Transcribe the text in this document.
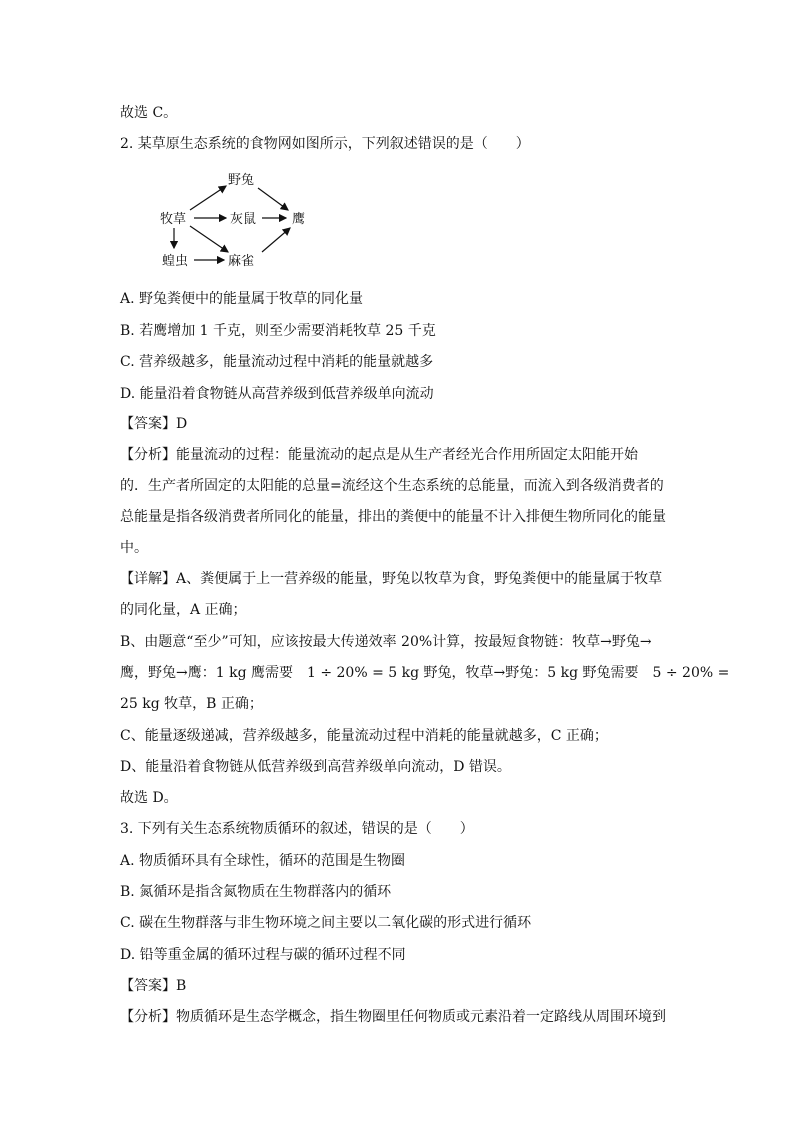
故选 C。
2. 某草原生态系统的食物网如图所示，下列叙述错误的是（　　）
野兔
牧草	灰鼠	鹰
蝗虫	麻雀
A. 野兔粪便中的能量属于牧草的同化量
B. 若鹰增加 1 千克，则至少需要消耗牧草 25 千克
C. 营养级越多，能量流动过程中消耗的能量就越多
D. 能量沿着食物链从高营养级到低营养级单向流动
【答案】D
【分析】能量流动的过程：能量流动的起点是从生产者经光合作用所固定太阳能开始
的．生产者所固定的太阳能的总量=流经这个生态系统的总能量，而流入到各级消费者的
总能量是指各级消费者所同化的能量，排出的粪便中的能量不计入排便生物所同化的能量
中。
【详解】A、粪便属于上一营养级的能量，野兔以牧草为食，野兔粪便中的能量属于牧草
的同化量，A 正确；
B、由题意“至少”可知，应该按最大传递效率 20%计算，按最短食物链：牧草→野兔→
鹰，野兔→鹰：1 kg 鹰需要　1 ÷ 20% = 5 kg 野兔，牧草→野兔：5 kg 野兔需要　5 ÷ 20% =
25 kg 牧草，B 正确；
C、能量逐级递减，营养级越多，能量流动过程中消耗的能量就越多，C 正确；
D、能量沿着食物链从低营养级到高营养级单向流动，D 错误。
故选 D。
3. 下列有关生态系统物质循环的叙述，错误的是（　　）
A. 物质循环具有全球性，循环的范围是生物圈
B. 氮循环是指含氮物质在生物群落内的循环
C. 碳在生物群落与非生物环境之间主要以二氧化碳的形式进行循环
D. 铅等重金属的循环过程与碳的循环过程不同
【答案】B
【分析】物质循环是生态学概念，指生物圈里任何物质或元素沿着一定路线从周围环境到
